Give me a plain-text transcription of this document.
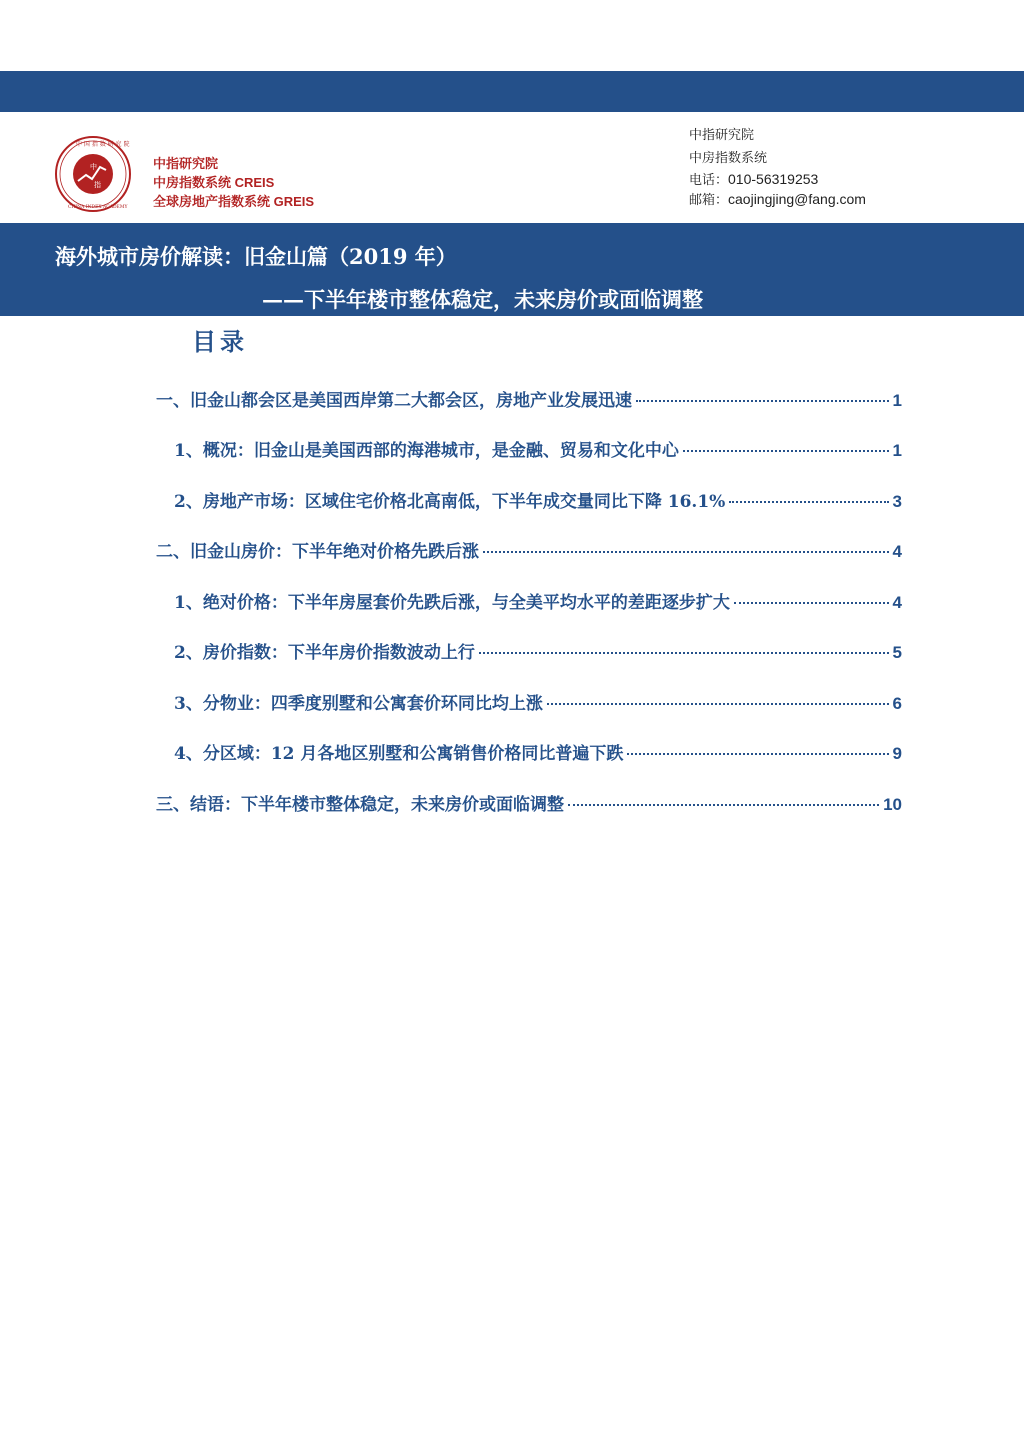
中
指
中 国 指 数 研 究 院
CHINA INDEX ACADEMY
中指研究院
中房指数系统 CREIS
全球房地产指数系统 GREIS
中指研究院
中房指数系统
电话：010-56319253
邮箱：caojingjing@fang.com
海外城市房价解读：旧金山篇（2019 年）
——下半年楼市整体稳定，未来房价或面临调整
目录
一、旧金山都会区是美国西岸第二大都会区，房地产业发展迅速	1
1、概况：旧金山是美国西部的海港城市，是金融、贸易和文化中心	1
2、房地产市场：区域住宅价格北高南低，下半年成交量同比下降 16.1%	3
二、旧金山房价：下半年绝对价格先跌后涨	4
1、绝对价格：下半年房屋套价先跌后涨，与全美平均水平的差距逐步扩大	4
2、房价指数：下半年房价指数波动上行	5
3、分物业：四季度别墅和公寓套价环同比均上涨	6
4、分区域：12 月各地区别墅和公寓销售价格同比普遍下跌	9
三、结语：下半年楼市整体稳定，未来房价或面临调整	10
